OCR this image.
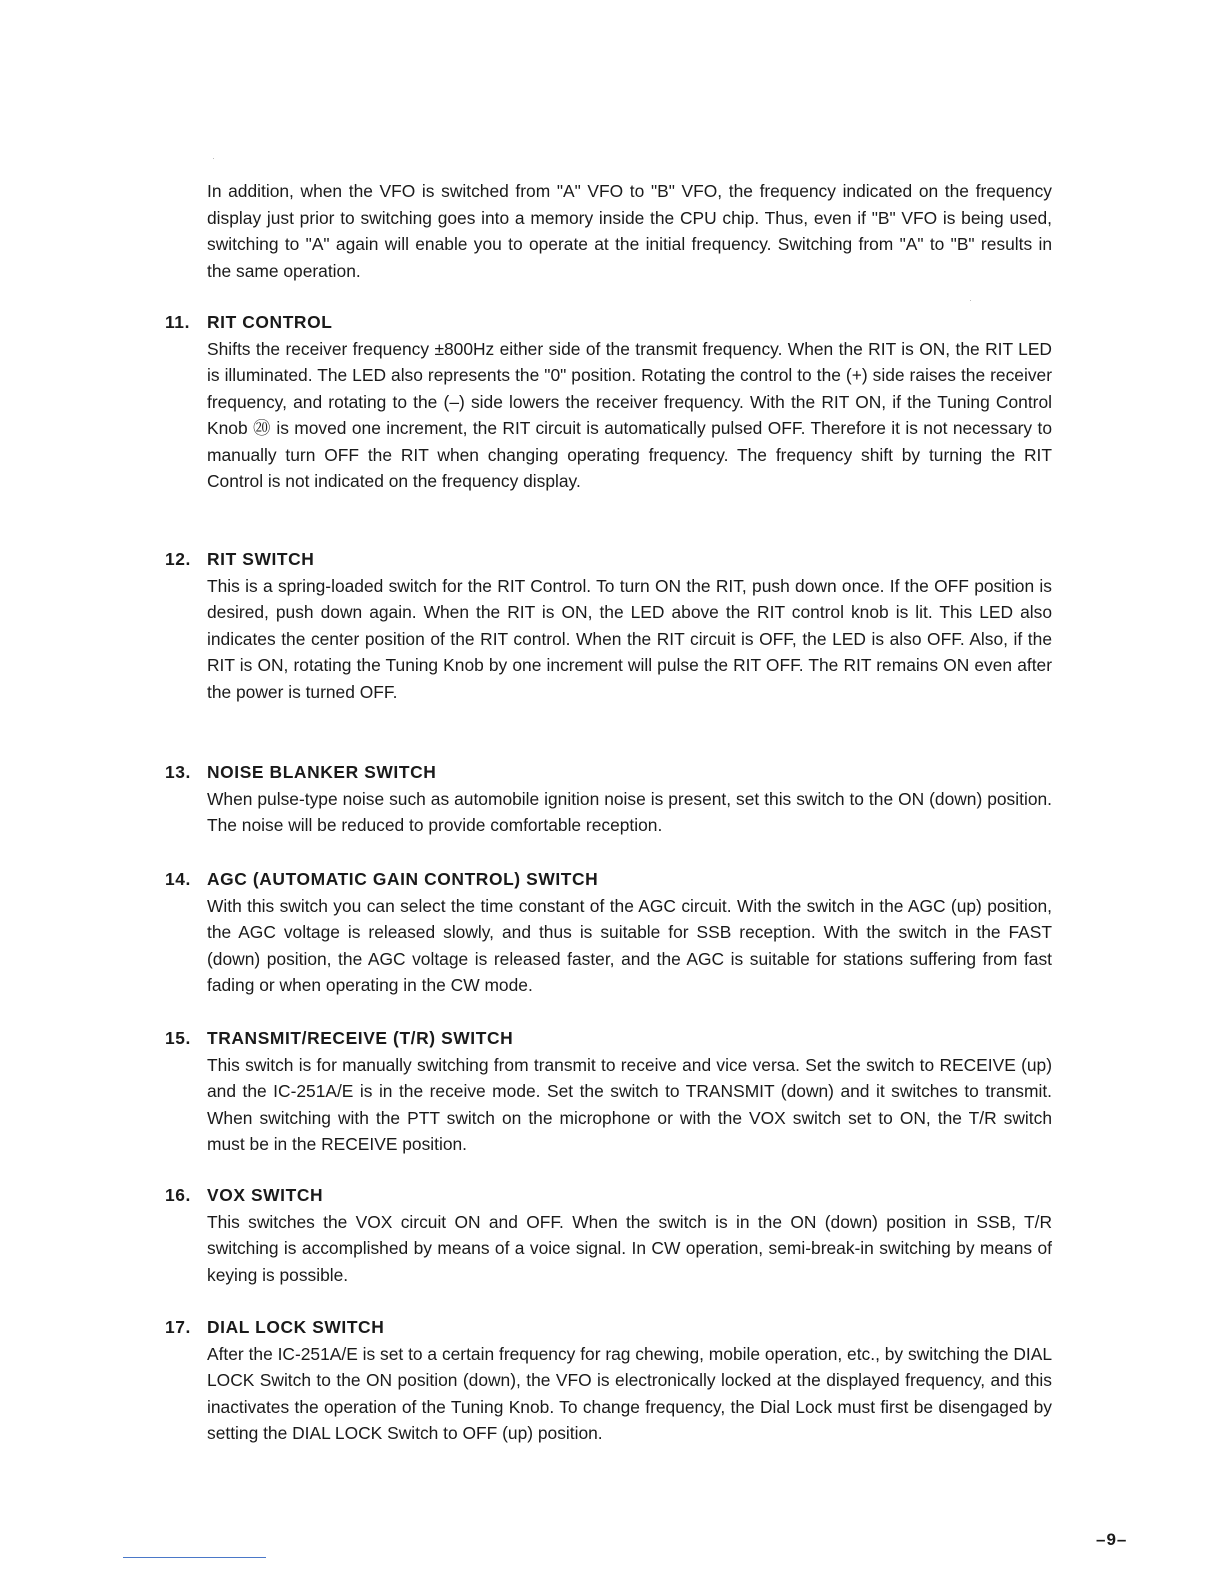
In addition, when the VFO is switched from "A" VFO to "B" VFO, the frequency indicated on the frequency display just prior to switching goes into a memory inside the CPU chip. Thus, even if "B" VFO is being used, switching to "A" again will enable you to operate at the initial frequency. Switching from "A" to "B" results in the same operation.

11. RIT CONTROL

Shifts the receiver frequency ±800Hz either side of the transmit frequency. When the RIT is ON, the RIT LED is illuminated. The LED also represents the "0" position. Rotating the control to the (+) side raises the receiver frequency, and rotating to the (–) side lowers the receiver frequency. With the RIT ON, if the Tuning Control Knob ⑳ is moved one increment, the RIT circuit is automatically pulsed OFF. Therefore it is not necessary to manually turn OFF the RIT when changing operating frequency. The frequency shift by turning the RIT Control is not indicated on the frequency display.

12. RIT SWITCH

This is a spring-loaded switch for the RIT Control. To turn ON the RIT, push down once. If the OFF position is desired, push down again. When the RIT is ON, the LED above the RIT control knob is lit. This LED also indicates the center position of the RIT control. When the RIT circuit is OFF, the LED is also OFF. Also, if the RIT is ON, rotating the Tuning Knob by one increment will pulse the RIT OFF. The RIT remains ON even after the power is turned OFF.

13. NOISE BLANKER SWITCH

When pulse-type noise such as automobile ignition noise is present, set this switch to the ON (down) position. The noise will be reduced to provide comfortable reception.

14. AGC (AUTOMATIC GAIN CONTROL) SWITCH

With this switch you can select the time constant of the AGC circuit. With the switch in the AGC (up) position, the AGC voltage is released slowly, and thus is suitable for SSB reception. With the switch in the FAST (down) position, the AGC voltage is released faster, and the AGC is suitable for stations suffering from fast fading or when operating in the CW mode.

15. TRANSMIT/RECEIVE (T/R) SWITCH

This switch is for manually switching from transmit to receive and vice versa. Set the switch to RECEIVE (up) and the IC-251A/E is in the receive mode. Set the switch to TRANSMIT (down) and it switches to transmit. When switching with the PTT switch on the microphone or with the VOX switch set to ON, the T/R switch must be in the RECEIVE position.

16. VOX SWITCH

This switches the VOX circuit ON and OFF. When the switch is in the ON (down) position in SSB, T/R switching is accomplished by means of a voice signal. In CW operation, semi-break-in switching by means of keying is possible.

17. DIAL LOCK SWITCH

After the IC-251A/E is set to a certain frequency for rag chewing, mobile operation, etc., by switching the DIAL LOCK Switch to the ON position (down), the VFO is electronically locked at the displayed frequency, and this inactivates the operation of the Tuning Knob. To change frequency, the Dial Lock must first be disengaged by setting the DIAL LOCK Switch to OFF (up) position.

–9–
